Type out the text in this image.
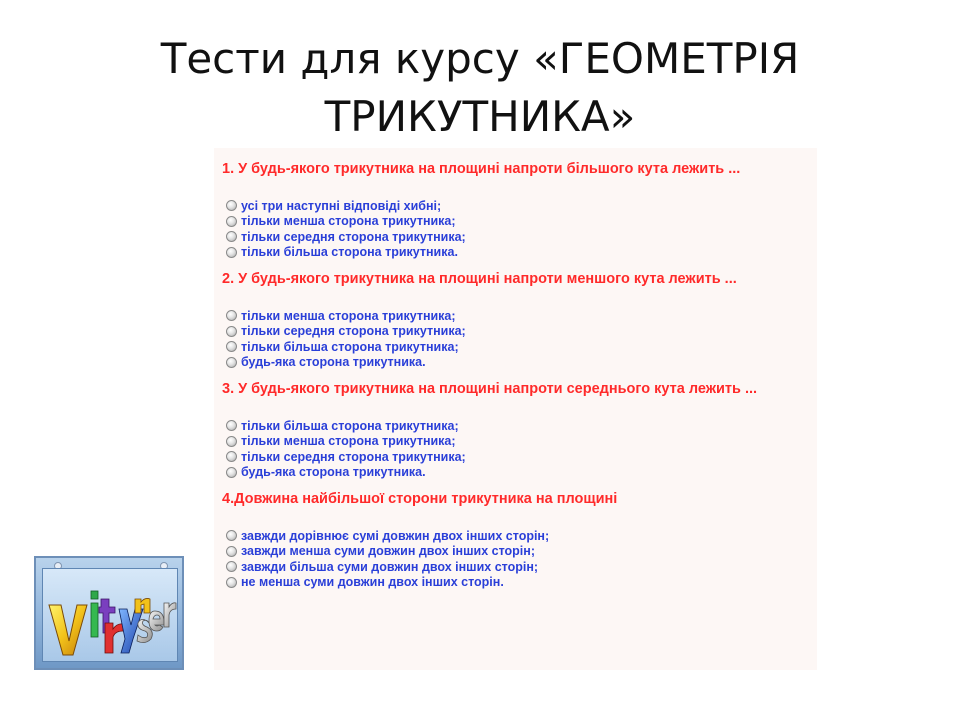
Тести для курсу «ГЕОМЕТРІЯ
ТРИКУТНИКА»
1. У будь-якого трикутника на площині напроти більшого кута лежить ...
усі три наступні відповіді хибні;
тільки менша сторона трикутника;
тільки середня сторона трикутника;
тільки більша сторона трикутника.
2. У будь-якого трикутника на площині напроти меншого кута лежить ...
тільки менша сторона трикутника;
тільки середня сторона трикутника;
тільки більша сторона трикутника;
будь-яка сторона трикутника.
3. У будь-якого трикутника на площині напроти середнього кута лежить ...
тільки більша сторона трикутника;
тільки менша сторона трикутника;
тільки середня сторона трикутника;
будь-яка сторона трикутника.
4.Довжина найбільшої сторони трикутника на площині
завжди дорівнює сумі довжин двох інших сторін;
завжди менша суми довжин двох інших сторін;
завжди більша суми довжин двох інших сторін;
не менша суми довжин двох інших сторін.
